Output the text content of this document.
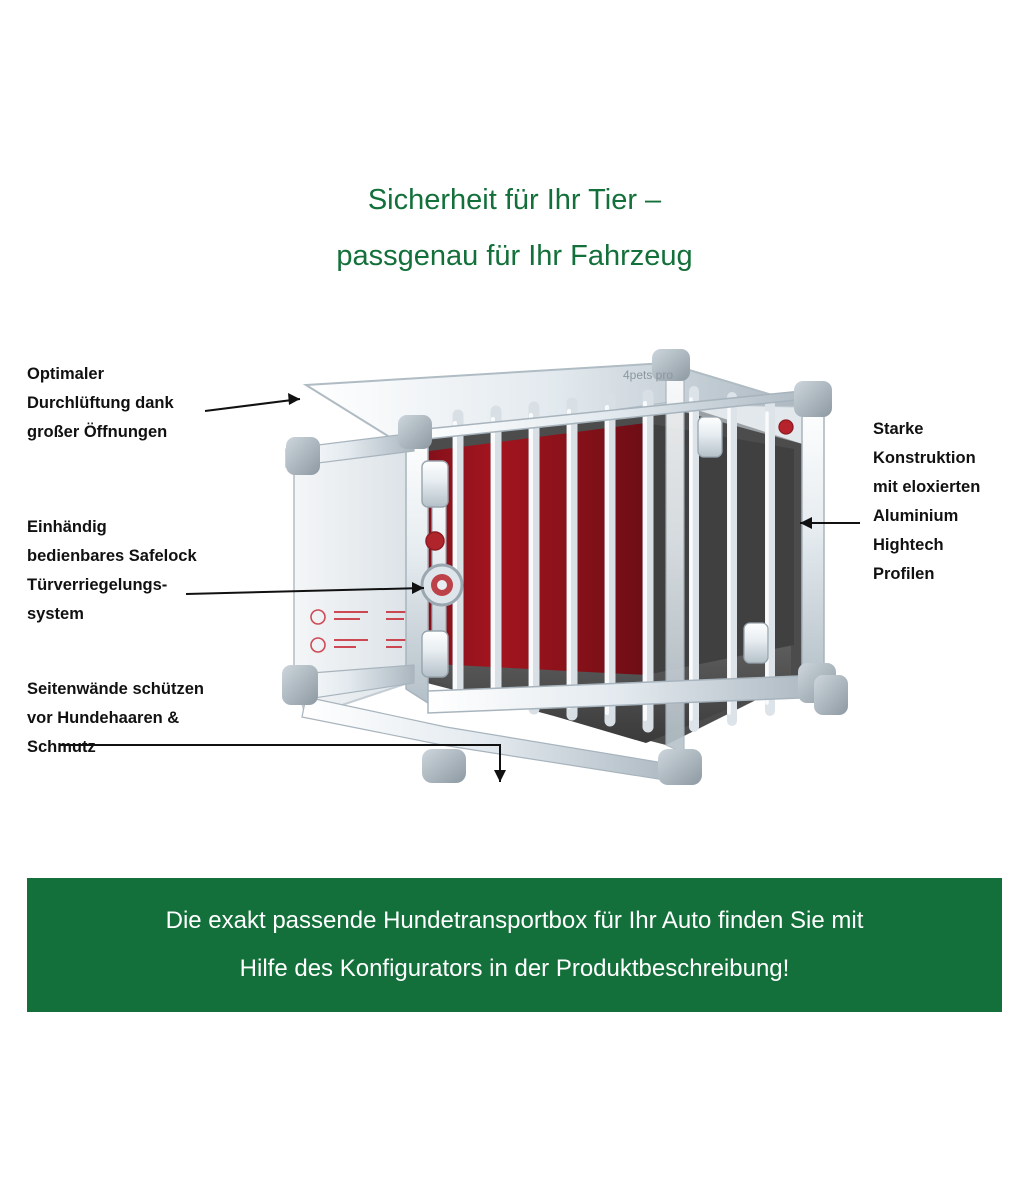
Sicherheit für Ihr Tier –
passgenau für Ihr Fahrzeug
4pets pro
Optimaler
Durchlüftung dank
großer Öffnungen
Einhändig
bedienbares Safelock
Türverriegelungs-
system
Seitenwände schützen
vor Hundehaaren &
Schmutz
Starke
Konstruktion
mit eloxierten
Aluminium
Hightech
Profilen
Die exakt passende Hundetransportbox für Ihr Auto finden Sie mit
Hilfe des Konfigurators in der Produktbeschreibung!
